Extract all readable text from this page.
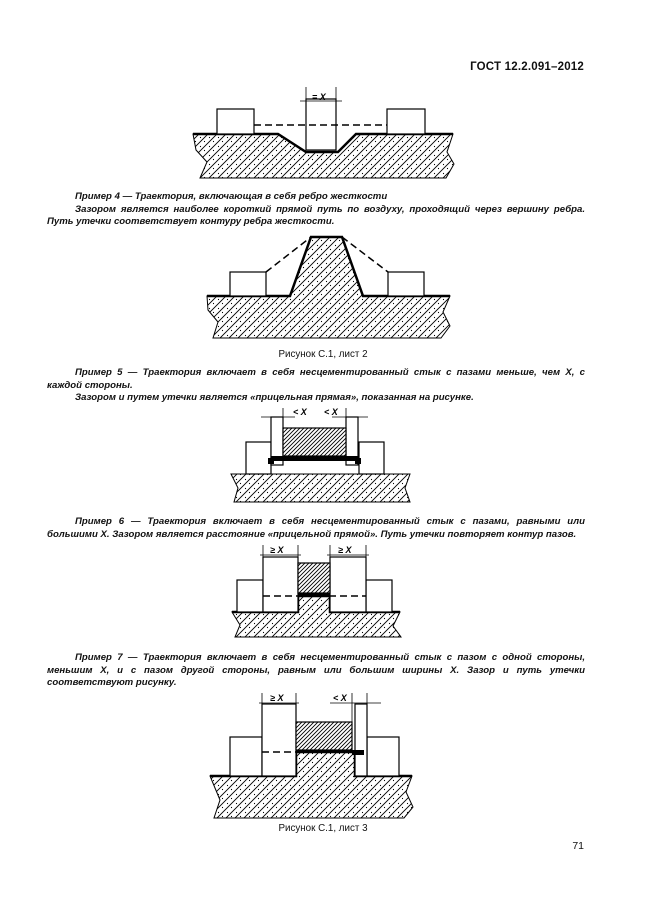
ГОСТ 12.2.091–2012
= X
< X < X
≥ X	≥ X
≥ X	< X

Пример 4 — Траектория, включающая в себя ребро жесткости

Зазором является наиболее короткий прямой путь по воздуху, проходящий через вершину ребра. Путь утечки соответствует контуру ребра жесткости.

Рисунок С.1, лист 2

Пример 5 — Траектория включает в себя несцементированный стык с пазами меньше, чем X, с каждой стороны.

Зазором и путем утечки является «прицельная прямая», показанная на рисунке.

Пример 6 — Траектория включает в себя несцементированный стык с пазами, равными или большими X. Зазором является расстояние «прицельной прямой». Путь утечки повторяет контур пазов.

Пример 7 — Траектория включает в себя несцементированный стык с пазом с одной стороны, меньшим X, и с пазом другой стороны, равным или большим ширины X. Зазор и путь утечки соответствуют рисунку.

Рисунок С.1, лист 3
71
